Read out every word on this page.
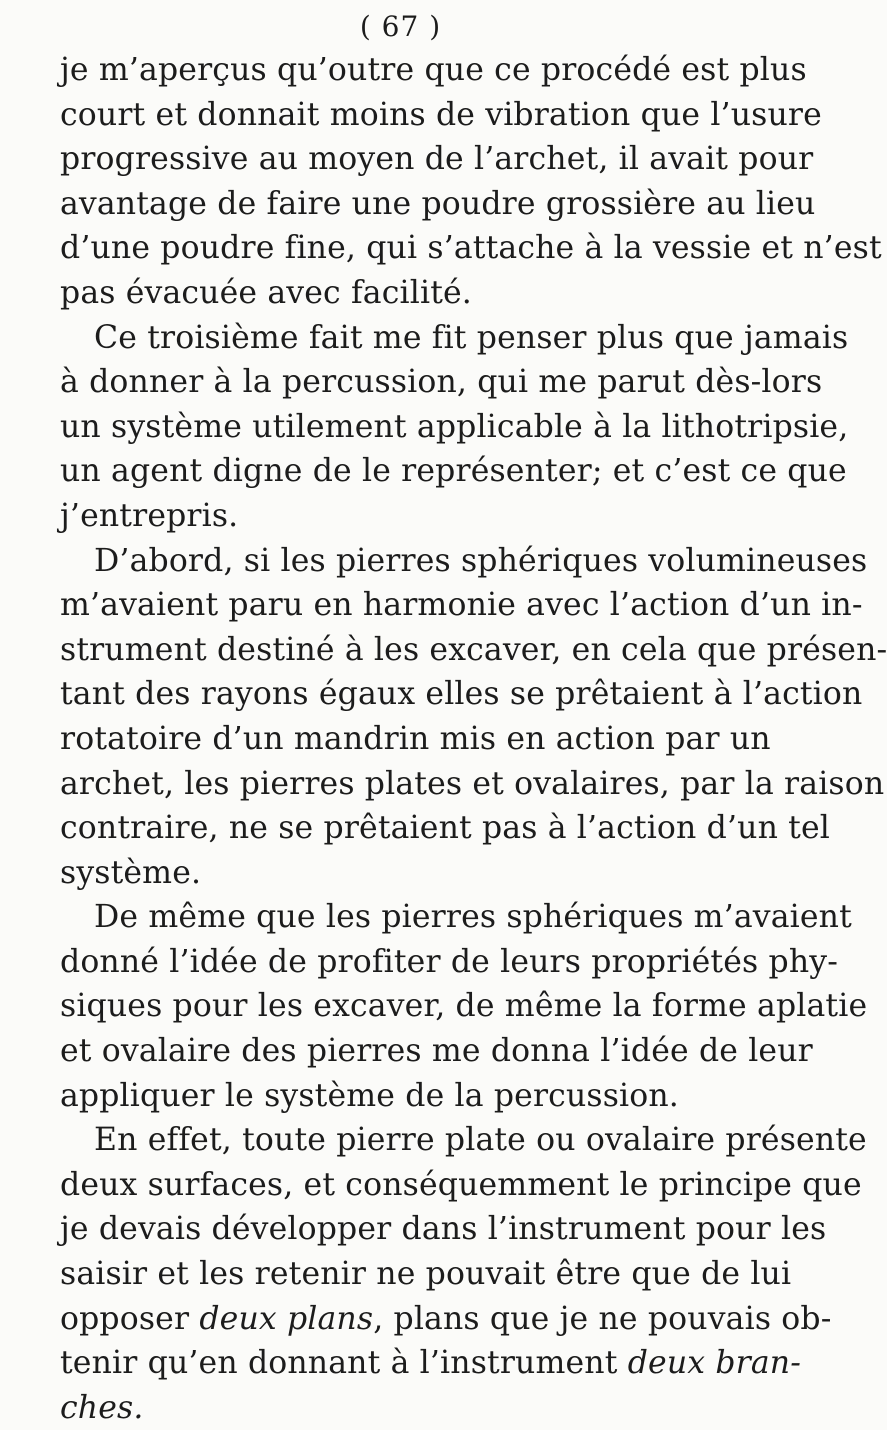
( 67 )
je m’aperçus qu’outre que ce procédé est plus
court et donnait moins de vibration que l’usure
progressive au moyen de l’archet, il avait pour
avantage de faire une poudre grossière au lieu
d’une poudre fine, qui s’attache à la vessie et n’est
pas évacuée avec facilité.
Ce troisième fait me fit penser plus que jamais
à donner à la percussion, qui me parut dès-lors
un système utilement applicable à la lithotripsie,
un agent digne de le représenter; et c’est ce que
j’entrepris.
D’abord, si les pierres sphériques volumineuses
m’avaient paru en harmonie avec l’action d’un in-
strument destiné à les excaver, en cela que présen-
tant des rayons égaux elles se prêtaient à l’action
rotatoire d’un mandrin mis en action par un
archet, les pierres plates et ovalaires, par la raison
contraire, ne se prêtaient pas à l’action d’un tel
système.
De même que les pierres sphériques m’avaient
donné l’idée de profiter de leurs propriétés phy-
siques pour les excaver, de même la forme aplatie
et ovalaire des pierres me donna l’idée de leur
appliquer le système de la percussion.
En effet, toute pierre plate ou ovalaire présente
deux surfaces, et conséquemment le principe que
je devais développer dans l’instrument pour les
saisir et les retenir ne pouvait être que de lui
opposer deux plans, plans que je ne pouvais ob-
tenir qu’en donnant à l’instrument deux bran-
ches.
